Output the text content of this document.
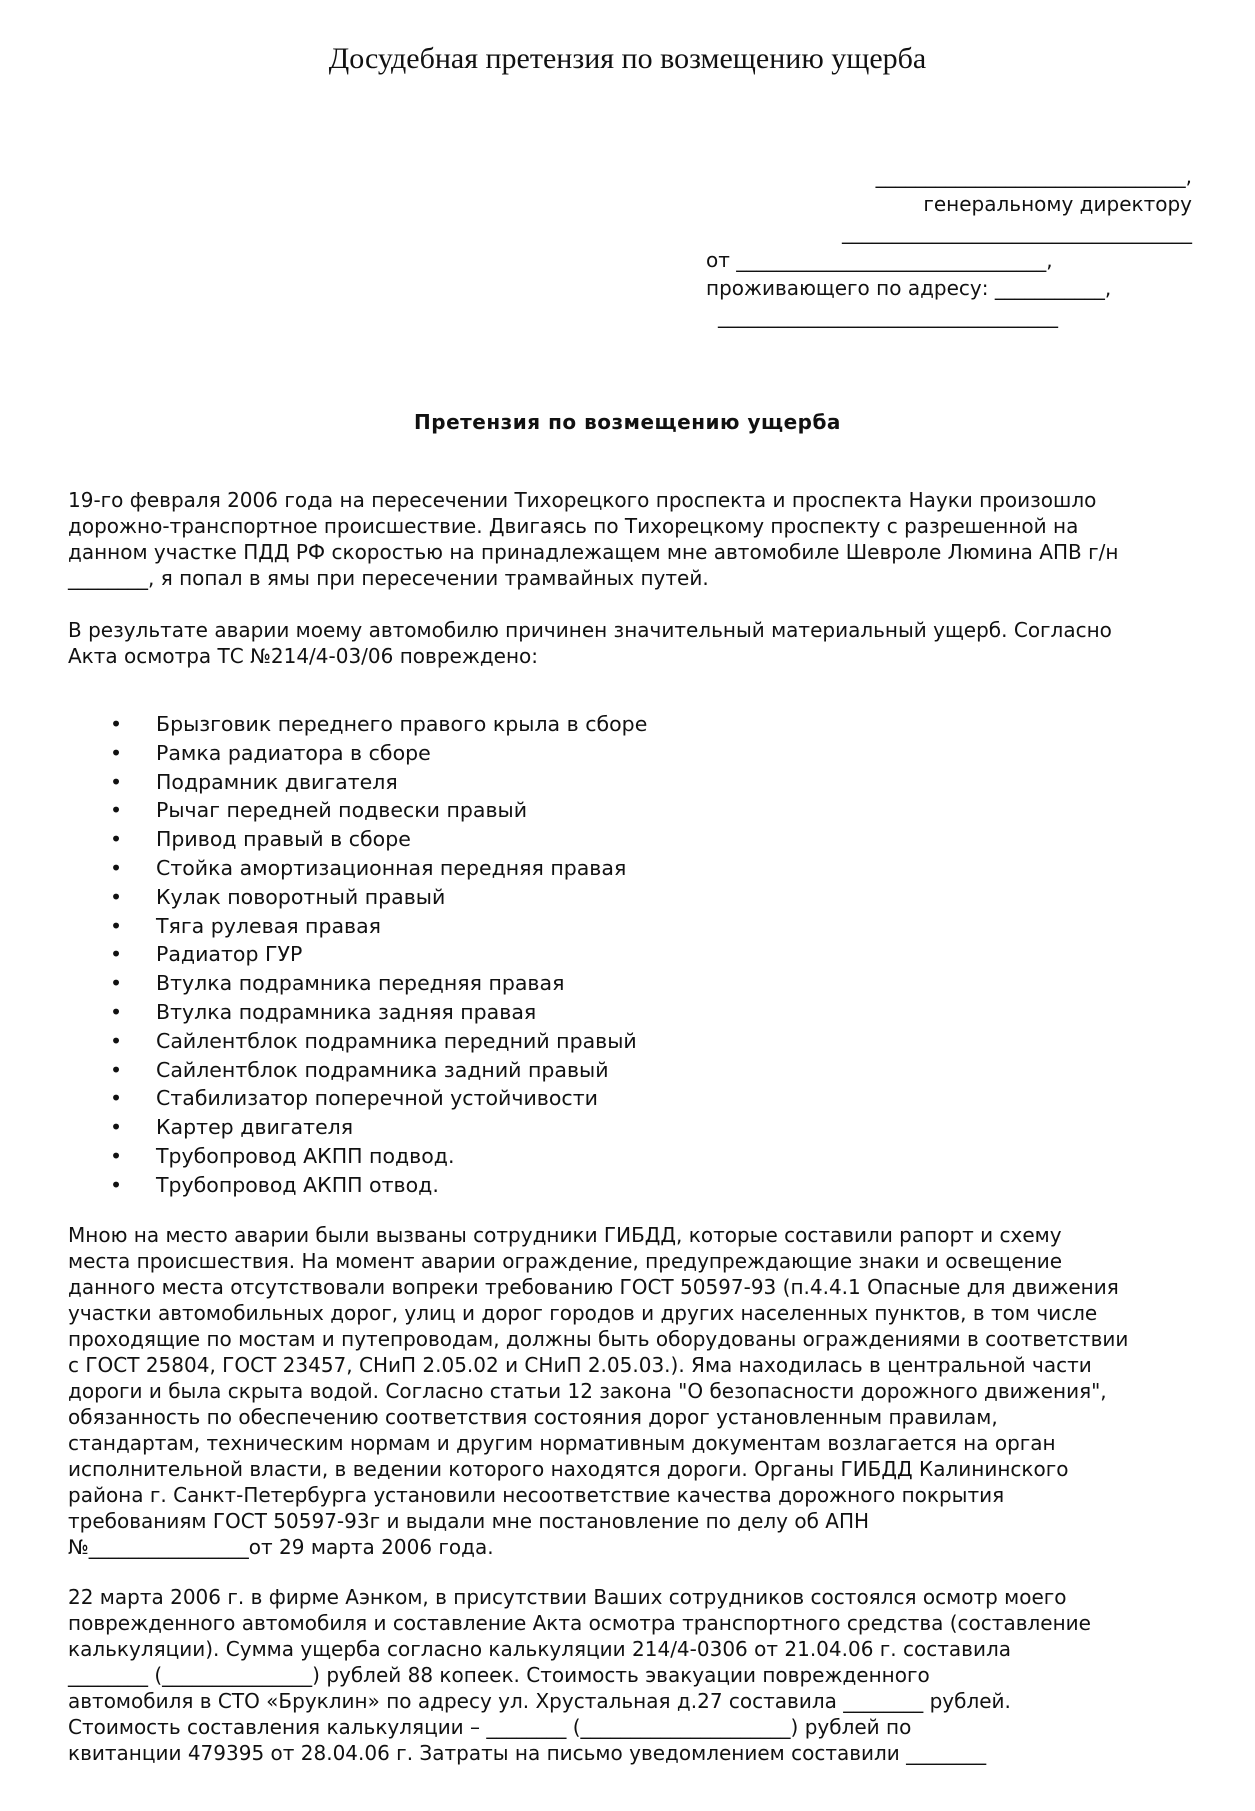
Досудебная претензия по возмещению ущерба
_______________________________,
генеральному директору
___________________________________
от _______________________________,
проживающего по адресу: ___________,
__________________________________
Претензия по возмещению ущерба
19-го февраля 2006 года на пересечении Тихорецкого проспекта и проспекта Науки произошло
дорожно-транспортное происшествие. Двигаясь по Тихорецкому проспекту с разрешенной на
данном участке ПДД РФ скоростью на принадлежащем мне автомобиле Шевроле Люмина АПВ г/н
________, я попал в ямы при пересечении трамвайных путей.
В результате аварии моему автомобилю причинен значительный материальный ущерб. Согласно
Акта осмотра ТС №214/4-03/06 повреждено:
• Брызговик переднего правого крыла в сборе
• Рамка радиатора в сборе
• Подрамник двигателя
• Рычаг передней подвески правый
• Привод правый в сборе
• Стойка амортизационная передняя правая
• Кулак поворотный правый
• Тяга рулевая правая
• Радиатор ГУР
• Втулка подрамника передняя правая
• Втулка подрамника задняя правая
• Сайлентблок подрамника передний правый
• Сайлентблок подрамника задний правый
• Стабилизатор поперечной устойчивости
• Картер двигателя
• Трубопровод АКПП подвод.
• Трубопровод АКПП отвод.
Мною на место аварии были вызваны сотрудники ГИБДД, которые составили рапорт и схему
места происшествия. На момент аварии ограждение, предупреждающие знаки и освещение
данного места отсутствовали вопреки требованию ГОСТ 50597-93 (п.4.4.1 Опасные для движения
участки автомобильных дорог, улиц и дорог городов и других населенных пунктов, в том числе
проходящие по мостам и путепроводам, должны быть оборудованы ограждениями в соответствии
с ГОСТ 25804, ГОСТ 23457, СНиП 2.05.02 и СНиП 2.05.03.). Яма находилась в центральной части
дороги и была скрыта водой. Согласно статьи 12 закона "О безопасности дорожного движения",
обязанность по обеспечению соответствия состояния дорог установленным правилам,
стандартам, техническим нормам и другим нормативным документам возлагается на орган
исполнительной власти, в ведении которого находятся дороги. Органы ГИБДД Калининского
района г. Санкт-Петербурга установили несоответствие качества дорожного покрытия
требованиям ГОСТ 50597-93г и выдали мне постановление по делу об АПН
№________________от 29 марта 2006 года.
22 марта 2006 г. в фирме Аэнком, в присутствии Ваших сотрудников состоялся осмотр моего
поврежденного автомобиля и составление Акта осмотра транспортного средства (составление
калькуляции). Сумма ущерба согласно калькуляции 214/4-0306 от 21.04.06 г. составила
________ (_______________) рублей 88 копеек. Стоимость эвакуации поврежденного
автомобиля в СТО «Бруклин» по адресу ул. Хрустальная д.27 составила ________ рублей.
Стоимость составления калькуляции – ________ (_____________________) рублей по
квитанции 479395 от 28.04.06 г. Затраты на письмо уведомлением составили ________
